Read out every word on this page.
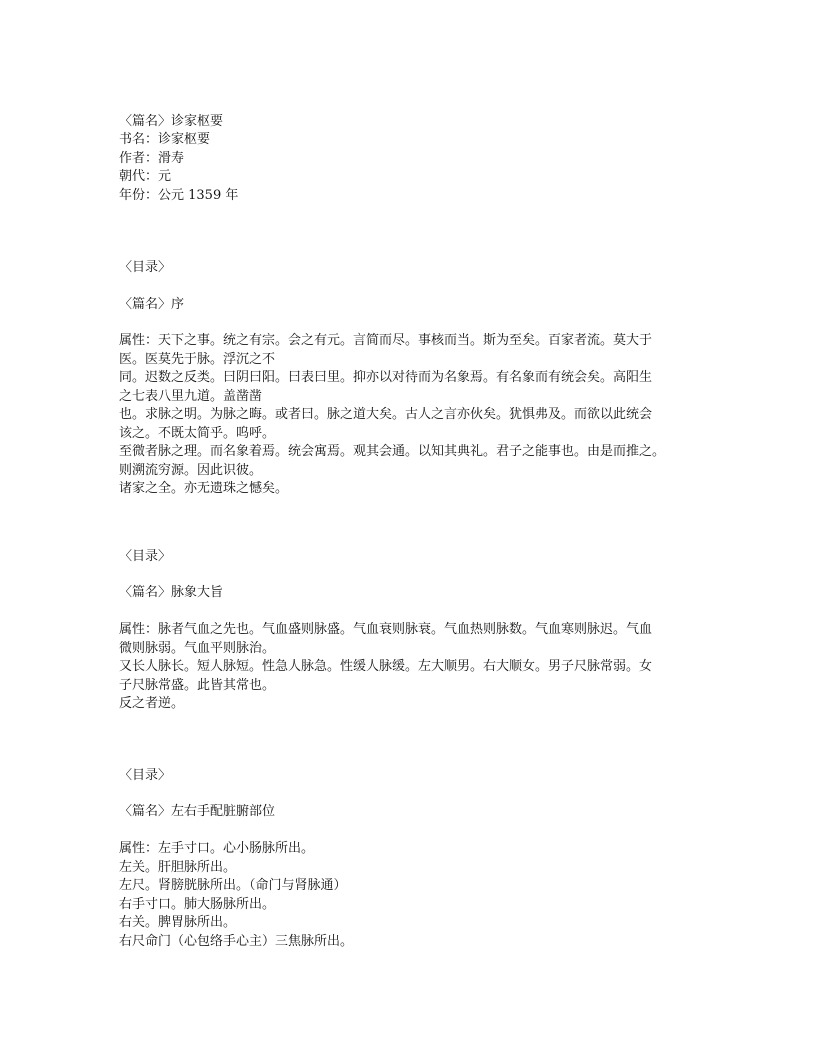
〈篇名〉诊家枢要
书名：诊家枢要
作者：滑寿
朝代：元
年份：公元 1359 年
〈目录〉
〈篇名〉序
属性：天下之事。统之有宗。会之有元。言简而尽。事核而当。斯为至矣。百家者流。莫大于
医。医莫先于脉。浮沉之不
同。迟数之反类。曰阴曰阳。曰表曰里。抑亦以对待而为名象焉。有名象而有统会矣。高阳生
之七表八里九道。盖凿凿
也。求脉之明。为脉之晦。或者曰。脉之道大矣。古人之言亦伙矣。犹惧弗及。而欲以此统会
该之。不既太简乎。呜呼。
至微者脉之理。而名象着焉。统会寓焉。观其会通。以知其典礼。君子之能事也。由是而推之。
则溯流穷源。因此识彼。
诸家之全。亦无遗珠之憾矣。
〈目录〉
〈篇名〉脉象大旨
属性：脉者气血之先也。气血盛则脉盛。气血衰则脉衰。气血热则脉数。气血寒则脉迟。气血
微则脉弱。气血平则脉治。
又长人脉长。短人脉短。性急人脉急。性缓人脉缓。左大顺男。右大顺女。男子尺脉常弱。女
子尺脉常盛。此皆其常也。
反之者逆。
〈目录〉
〈篇名〉左右手配脏腑部位
属性：左手寸口。心小肠脉所出。
左关。肝胆脉所出。
左尺。肾膀胱脉所出。（命门与肾脉通）
右手寸口。肺大肠脉所出。
右关。脾胃脉所出。
右尺命门（心包络手心主）三焦脉所出。
